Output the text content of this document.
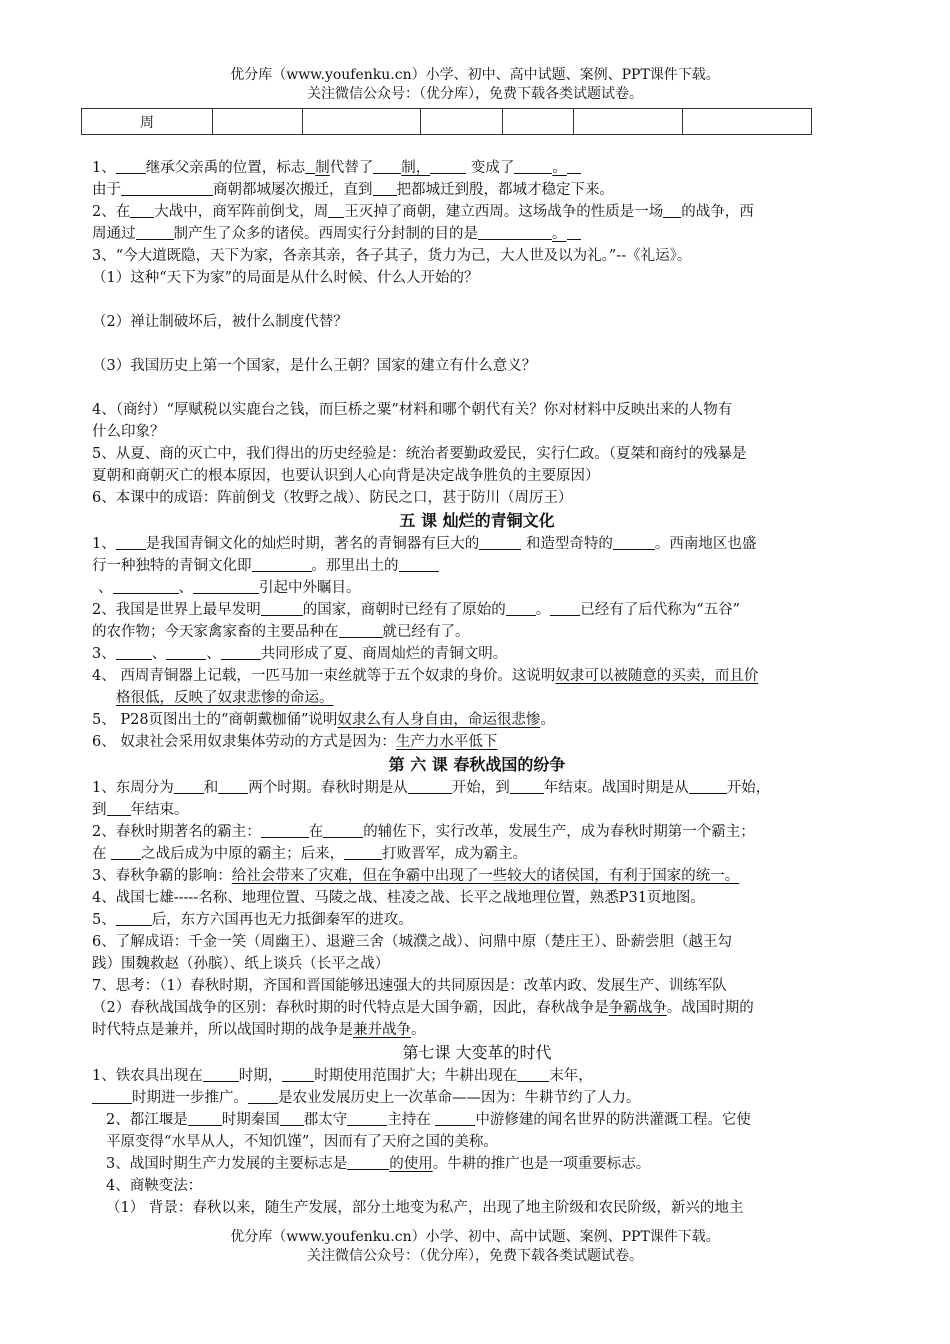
优分库（www.youfenku.cn）小学、初中、高中试题、案例、PPT课件下载。
关注微信公众号：（优分库），免费下载各类试题试卷。
周						
1、 继承父亲禹的位置，标志 制代替了 制， 变成了	。
由于	商朝都城屡次搬迁，直到 把都城迁到殷，都城才稳定下来。
2、在 大战中，商军阵前倒戈，周 王灭掉了商朝，建立西周。这场战争的性质是一场 的战争，西
周通过	制产生了众多的诸侯。西周实行分封制的目的是	。
3、“今大道既隐，天下为家，各亲其亲，各子其子，货力为己，大人世及以为礼。”--《礼运》。
（1）这种“天下为家”的局面是从什么时候、什么人开始的？
（2）禅让制破坏后，被什么制度代替？
（3）我国历史上第一个国家，是什么王朝？国家的建立有什么意义？
4、（商纣）“厚赋税以实鹿台之钱，而巨桥之粟”材料和哪个朝代有关？你对材料中反映出来的人物有
什么印象？
5、从夏、商的灭亡中，我们得出的历史经验是：统治者要勤政爱民，实行仁政。（夏桀和商纣的残暴是
夏朝和商朝灭亡的根本原因，也要认识到人心向背是决定战争胜负的主要原因）
6、本课中的成语：阵前倒戈（牧野之战）、防民之口，甚于防川（周厉王）
五 课 灿烂的青铜文化
1、 是我国青铜文化的灿烂时期，著名的青铜器有巨大的	和造型奇特的	。西南地区也盛
行一种独特的青铜文化即	。那里出土的
、	、	引起中外瞩目。
2、我国是世界上最早发明	的国家，商朝时已经有了原始的 。 已经有了后代称为“五谷”
的农作物；今天家禽家畜的主要品种在	就已经有了。
3、 、	、	共同形成了夏、商周灿烂的青铜文明。
4、 西周青铜器上记载，一匹马加一束丝就等于五个奴隶的身价。这说明奴隶可以被随意的买卖，而且价
格很低，反映了奴隶悲惨的命运。
5、 P28页图出土的“商朝戴枷俑”说明奴隶么有人身自由，命运很悲惨。
6、 奴隶社会采用奴隶集体劳动的方式是因为：生产力水平低下
第 六 课 春秋战国的纷争
1、东周分为 和 两个时期。春秋时期是从	开始，到 年结束。战国时期是从	开始，
到 年结束。
2、春秋时期著名的霸主：	在	的辅佐下，实行改革，发展生产，成为春秋时期第一个霸主；
在 之战后成为中原的霸主；后来，	打败晋军，成为霸主。
3、春秋争霸的影响：给社会带来了灾难，但在争霸中出现了一些较大的诸侯国，有利于国家的统一。
4、战国七雄-----名称、地理位置、马陵之战、桂凌之战、长平之战地理位置，熟悉P31页地图。
5、 后，东方六国再也无力抵御秦军的进攻。
6、了解成语：千金一笑（周幽王）、退避三舍（城濮之战）、问鼎中原（楚庄王）、卧薪尝胆（越王勾
践）围魏救赵（孙膑）、纸上谈兵（长平之战）
7、思考：（1）春秋时期，齐国和晋国能够迅速强大的共同原因是：改革内政、发展生产、训练军队
（2）春秋战国战争的区别：春秋时期的时代特点是大国争霸，因此，春秋战争是争霸战争。战国时期的
时代特点是兼并，所以战国时期的战争是兼并战争。
第七课 大变革的时代
1、铁农具出现在 时期， 时期使用范围扩大；牛耕出现在 末年，
时期进一步推广。 是农业发展历史上一次革命——因为：牛耕节约了人力。
2、都江堰是 时期秦国 郡太守	主持在	中游修建的闻名世界的防洪灌溉工程。它使
平原变得“水旱从人，不知饥馑”，因而有了天府之国的美称。
3、战国时期生产力发展的主要标志是	的使用。牛耕的推广也是一项重要标志。
4、商鞅变法：
（1） 背景：春秋以来，随生产发展，部分土地变为私产，出现了地主阶级和农民阶级，新兴的地主
优分库（www.youfenku.cn）小学、初中、高中试题、案例、PPT课件下载。
关注微信公众号：（优分库），免费下载各类试题试卷。
